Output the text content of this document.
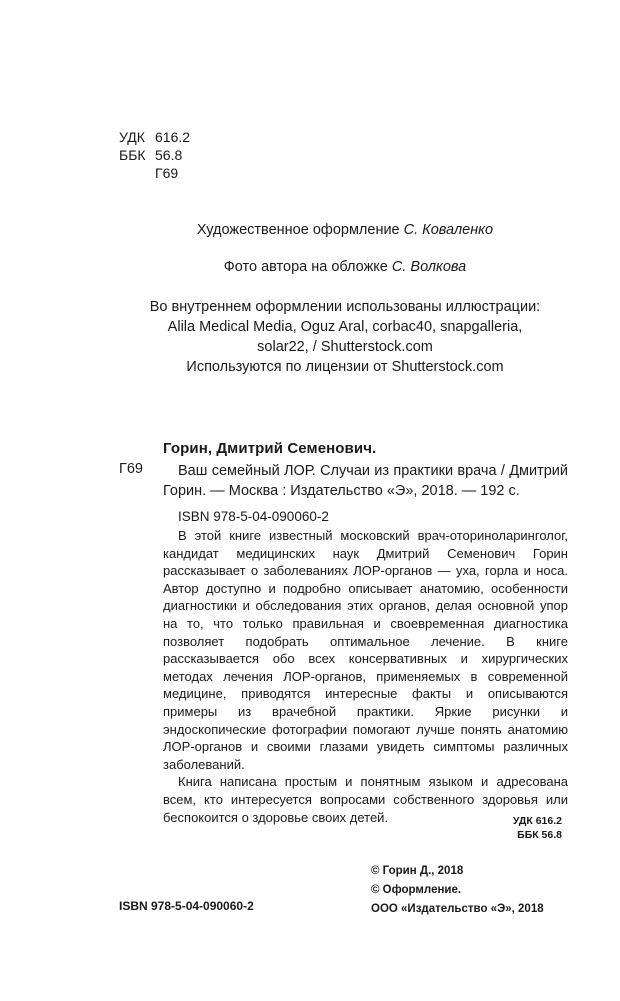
УДК 616.2
ББК 56.8
Г69
Художественное оформление С. Коваленко
Фото автора на обложке С. Волкова
Во внутреннем оформлении использованы иллюстрации:
Alila Medical Media, Oguz Aral, corbac40, snapgalleria,
solar22, / Shutterstock.com
Используются по лицензии от Shutterstock.com
Горин, Дмитрий Семенович.
Г69	Ваш семейный ЛОР. Случаи из практики врача / Дмитрий Горин. — Москва : Издательство «Э», 2018. — 192 с.
ISBN 978-5-04-090060-2

В этой книге известный московский врач-оториноларинголог, кандидат медицинских наук Дмитрий Семенович Горин рассказывает о заболеваниях ЛОР-органов — уха, горла и носа. Автор доступно и подробно описывает анатомию, особенности диагностики и обследования этих органов, делая основной упор на то, что только правильная и своевременная диагностика позволяет подобрать оптимальное лечение. В книге рассказывается обо всех консервативных и хирургических методах лечения ЛОР-органов, применяемых в современной медицине, приводятся интересные факты и описываются примеры из врачебной практики. Яркие рисунки и эндоскопические фотографии помогают лучше понять анатомию ЛОР-органов и своими глазами увидеть симптомы различных заболеваний.

Книга написана простым и понятным языком и адресована всем, кто интересуется вопросами собственного здоровья или беспокоится о здоровье своих детей.	УДК 616.2
ББК 56.8
© Горин Д., 2018
© Оформление.
ООО «Издательство «Э», 2018
ISBN 978-5-04-090060-2
